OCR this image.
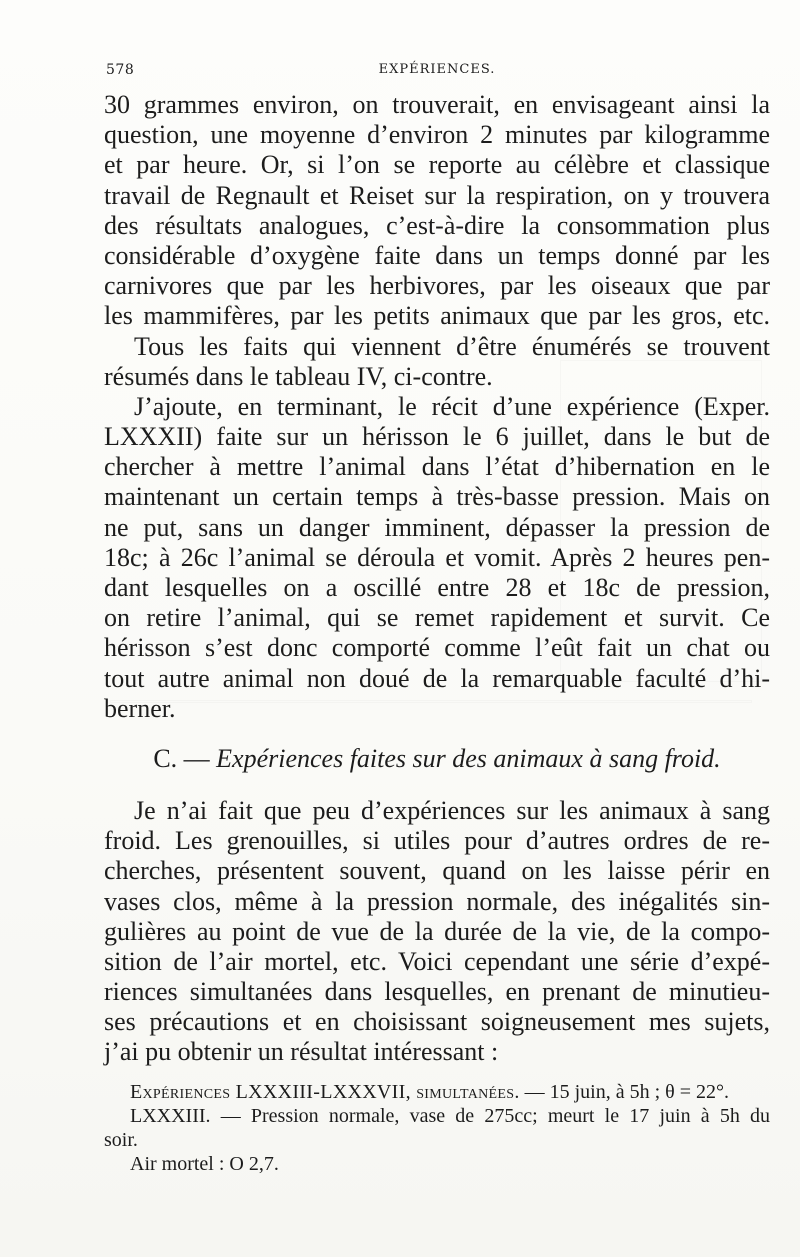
578	EXPÉRIENCES.
30 grammes environ, on trouverait, en envisageant ainsi la
question, une moyenne d’environ 2 minutes par kilogramme
et par heure. Or, si l’on se reporte au célèbre et classique
travail de Regnault et Reiset sur la respiration, on y trouvera
des résultats analogues, c’est-à-dire la consommation plus
considérable d’oxygène faite dans un temps donné par les
carnivores que par les herbivores, par les oiseaux que par
les mammifères, par les petits animaux que par les gros, etc.
Tous les faits qui viennent d’être énumérés se trouvent
résumés dans le tableau IV, ci-contre.
J’ajoute, en terminant, le récit d’une expérience (Exper.
LXXXII) faite sur un hérisson le 6 juillet, dans le but de
chercher à mettre l’animal dans l’état d’hibernation en le
maintenant un certain temps à très-basse pression. Mais on
ne put, sans un danger imminent, dépasser la pression de
18c; à 26c l’animal se déroula et vomit. Après 2 heures pen-
dant lesquelles on a oscillé entre 28 et 18c de pression,
on retire l’animal, qui se remet rapidement et survit. Ce
hérisson s’est donc comporté comme l’eût fait un chat ou
tout autre animal non doué de la remarquable faculté d’hi-
berner.
C. — Expériences faites sur des animaux à sang froid.
Je n’ai fait que peu d’expériences sur les animaux à sang
froid. Les grenouilles, si utiles pour d’autres ordres de re-
cherches, présentent souvent, quand on les laisse périr en
vases clos, même à la pression normale, des inégalités sin-
gulières au point de vue de la durée de la vie, de la compo-
sition de l’air mortel, etc. Voici cependant une série d’expé-
riences simultanées dans lesquelles, en prenant de minutieu-
ses précautions et en choisissant soigneusement mes sujets,
j’ai pu obtenir un résultat intéressant :
Expériences LXXXIII-LXXXVII, simultanées. — 15 juin, à 5h ; θ = 22°.
LXXXIII. — Pression normale, vase de 275cc; meurt le 17 juin à 5h du
soir.
Air mortel : O 2,7.
